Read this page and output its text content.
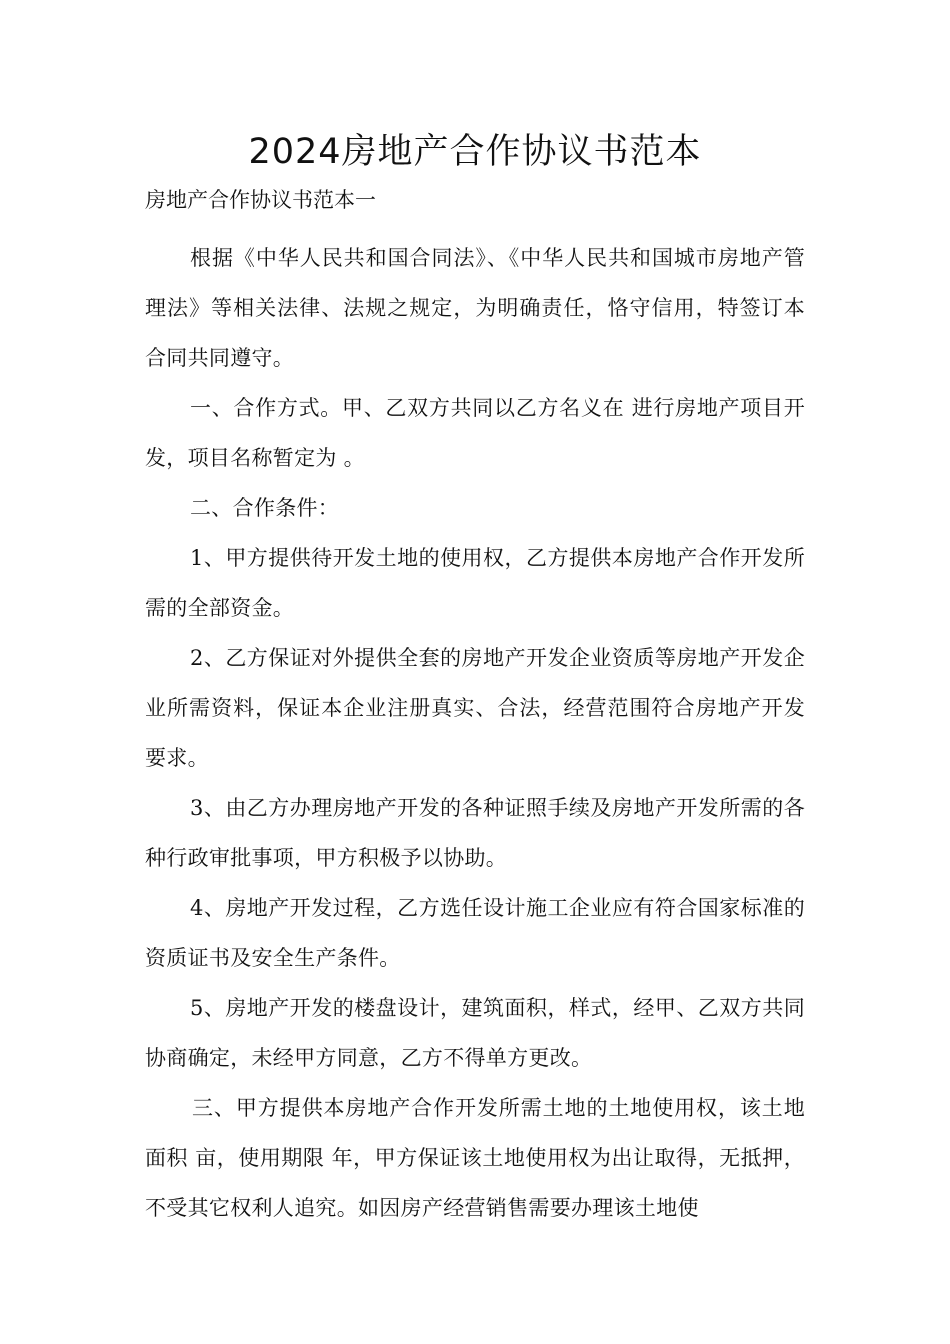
2024房地产合作协议书范本

房地产合作协议书范本一

根据《中华人民共和国合同法》、《中华人民共和国城市房地产管理法》等相关法律、法规之规定，为明确责任，恪守信用，特签订本合同共同遵守。

一、合作方式。甲、乙双方共同以乙方名义在 进行房地产项目开发，项目名称暂定为 。

二、合作条件：

1、甲方提供待开发土地的使用权，乙方提供本房地产合作开发所需的全部资金。

2、乙方保证对外提供全套的房地产开发企业资质等房地产开发企业所需资料，保证本企业注册真实、合法，经营范围符合房地产开发要求。

3、由乙方办理房地产开发的各种证照手续及房地产开发所需的各种行政审批事项，甲方积极予以协助。

4、房地产开发过程，乙方选任设计施工企业应有符合国家标准的资质证书及安全生产条件。

5、房地产开发的楼盘设计，建筑面积，样式，经甲、乙双方共同协商确定，未经甲方同意，乙方不得单方更改。

三、甲方提供本房地产合作开发所需土地的土地使用权，该土地面积 亩，使用期限 年，甲方保证该土地使用权为出让取得，无抵押，不受其它权利人追究。如因房产经营销售需要办理该土地使
